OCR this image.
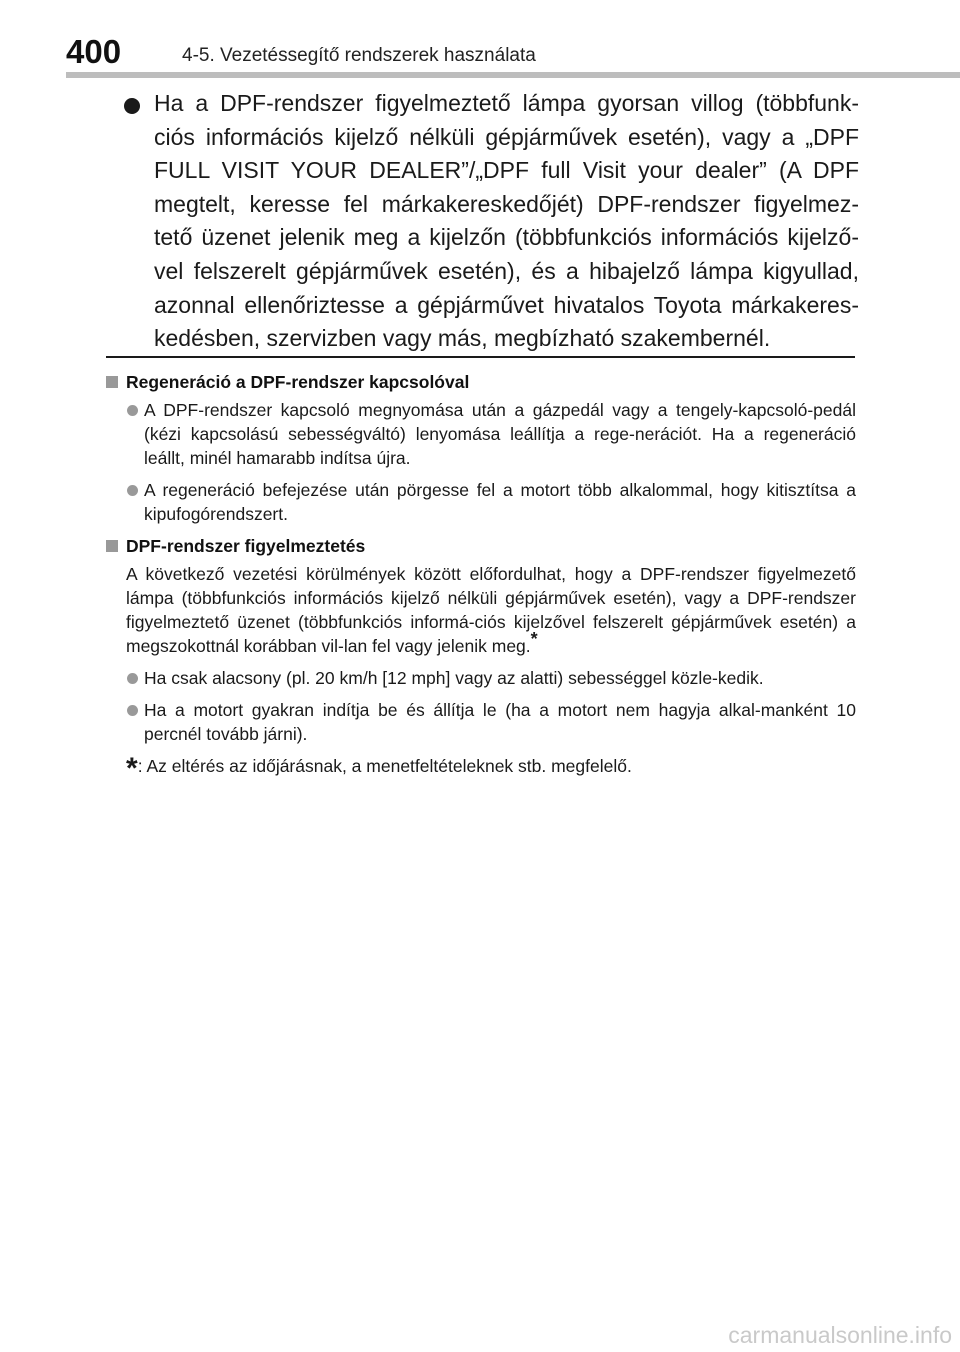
400	4-5. Vezetéssegítő rendszerek használata
Ha a DPF-rendszer figyelmeztető lámpa gyorsan villog (többfunk-ciós információs kijelző nélküli gépjárművek esetén), vagy a „DPF FULL VISIT YOUR DEALER”/„DPF full Visit your dealer” (A DPF megtelt, keresse fel márkakereskedőjét) DPF-rendszer figyelmez-tető üzenet jelenik meg a kijelzőn (többfunkciós információs kijelző-vel felszerelt gépjárművek esetén), és a hibajelző lámpa kigyullad, azonnal ellenőriztesse a gépjárművet hivatalos Toyota márkakeres-kedésben, szervizben vagy más, megbízható szakembernél.
Regeneráció a DPF-rendszer kapcsolóval
A DPF-rendszer kapcsoló megnyomása után a gázpedál vagy a tengely-kapcsoló-pedál (kézi kapcsolású sebességváltó) lenyomása leállítja a rege-nerációt. Ha a regeneráció leállt, minél hamarabb indítsa újra.
A regeneráció befejezése után pörgesse fel a motort több alkalommal, hogy kitisztítsa a kipufogórendszert.
DPF-rendszer figyelmeztetés
A következő vezetési körülmények között előfordulhat, hogy a DPF-rendszer figyelmezető lámpa (többfunkciós információs kijelző nélküli gépjárművek esetén), vagy a DPF-rendszer figyelmeztető üzenet (többfunkciós informá-ciós kijelzővel felszerelt gépjárművek esetén) a megszokottnál korábban vil-lan fel vagy jelenik meg.*
Ha csak alacsony (pl. 20 km/h [12 mph] vagy az alatti) sebességgel közle-kedik.
Ha a motort gyakran indítja be és állítja le (ha a motort nem hagyja alkal-manként 10 percnél tovább járni).
*: Az eltérés az időjárásnak, a menetfeltételeknek stb. megfelelő.
carmanualsonline.info
